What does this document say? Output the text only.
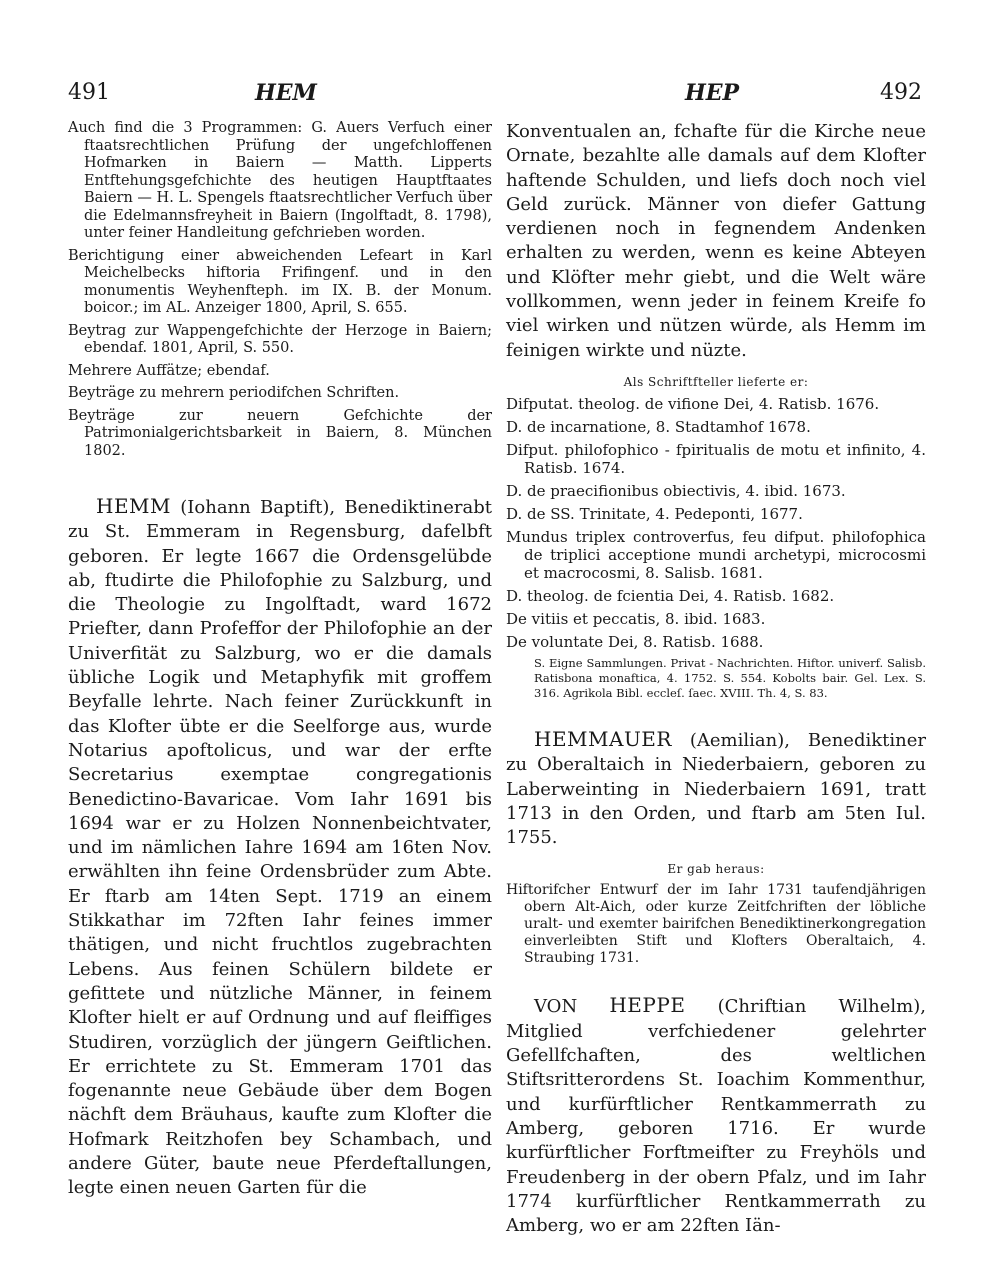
491	HEM	HEP	492

Auch find die 3 Programmen: G. Auers Verfuch einer ftaatsrechtlichen Prüfung der ungefchloffenen Hofmarken in Baiern — Matth. Lipperts Entftehungsgefchichte des heutigen Hauptftaates Baiern — H. L. Spengels ftaatsrechtlicher Verfuch über die Edelmannsfreyheit in Baiern (Ingolftadt, 8. 1798), unter feiner Handleitung gefchrieben worden.

Berichtigung einer abweichenden Lefeart in Karl Meichelbecks hiftoria Frifingenf. und in den monumentis Weyhenfteph. im IX. B. der Monum. boicor.; im AL. Anzeiger 1800, April, S. 655.

Beytrag zur Wappengefchichte der Herzoge in Baiern; ebendaf. 1801, April, S. 550.

Mehrere Auffätze; ebendaf.

Beyträge zu mehrern periodifchen Schriften.

Beyträge zur neuern Gefchichte der Patrimonialgerichtsbarkeit in Baiern, 8. München 1802.

HEMM (Iohann Baptift), Benediktinerabt zu St. Emmeram in Regensburg, dafelbft geboren. Er legte 1667 die Ordensgelübde ab, ftudirte die Philofophie zu Salzburg, und die Theologie zu Ingolftadt, ward 1672 Priefter, dann Profeffor der Philofophie an der Univerfität zu Salzburg, wo er die damals übliche Logik und Metaphyfik mit groffem Beyfalle lehrte. Nach feiner Zurückkunft in das Klofter übte er die Seelforge aus, wurde Notarius apoftolicus, und war der erfte Secretarius exemptae congregationis Benedictino-Bavaricae. Vom Iahr 1691 bis 1694 war er zu Holzen Nonnenbeichtvater, und im nämlichen Iahre 1694 am 16ten Nov. erwählten ihn feine Ordensbrüder zum Abte. Er ftarb am 14ten Sept. 1719 an einem Stikkathar im 72ften Iahr feines immer thätigen, und nicht fruchtlos zugebrachten Lebens. Aus feinen Schülern bildete er gefittete und nützliche Männer, in feinem Klofter hielt er auf Ordnung und auf fleiffiges Studiren, vorzüglich der jüngern Geiftlichen. Er errichtete zu St. Emmeram 1701 das fogenannte neue Gebäude über dem Bogen nächft dem Bräuhaus, kaufte zum Klofter die Hofmark Reitzhofen bey Schambach, und andere Güter, baute neue Pferdeftallungen, legte einen neuen Garten für die

Konventualen an, fchafte für die Kirche neue Ornate, bezahlte alle damals auf dem Klofter haftende Schulden, und liefs doch noch viel Geld zurück. Männer von diefer Gattung verdienen noch in fegnendem Andenken erhalten zu werden, wenn es keine Abteyen und Klöfter mehr giebt, und die Welt wäre vollkommen, wenn jeder in feinem Kreife fo viel wirken und nützen würde, als Hemm im feinigen wirkte und nüzte.

Als Schriftfteller lieferte er:

Difputat. theolog. de vifione Dei, 4. Ratisb. 1676.

D. de incarnatione, 8. Stadtamhof 1678.

Difput. philofophico - fpiritualis de motu et infinito, 4. Ratisb. 1674.

D. de praecifionibus obiectivis, 4. ibid. 1673.

D. de SS. Trinitate, 4. Pedeponti, 1677.

Mundus triplex controverfus, feu difput. philofophica de triplici acceptione mundi archetypi, microcosmi et macrocosmi, 8. Salisb. 1681.

D. theolog. de fcientia Dei, 4. Ratisb. 1682.

De vitiis et peccatis, 8. ibid. 1683.

De voluntate Dei, 8. Ratisb. 1688.

S. Eigne Sammlungen. Privat - Nachrichten. Hiftor. univerf. Salisb. Ratisbona monaftica, 4. 1752. S. 554. Kobolts bair. Gel. Lex. S. 316. Agrikola Bibl. eccleſ. ſaec. XVIII. Th. 4, S. 83.

HEMMAUER (Aemilian), Benediktiner zu Oberaltaich in Niederbaiern, geboren zu Laberweinting in Niederbaiern 1691, tratt 1713 in den Orden, und ftarb am 5ten Iul. 1755.

Er gab heraus:

Hiftorifcher Entwurf der im Iahr 1731 taufendjährigen obern Alt-Aich, oder kurze Zeitfchriften der löbliche uralt- und exemter bairifchen Benediktinerkongregation einverleibten Stift und Klofters Oberaltaich, 4. Straubing 1731.

VON HEPPE (Chriftian Wilhelm), Mitglied verfchiedener gelehrter Gefellfchaften, des weltlichen Stiftsritterordens St. Ioachim Kommenthur, und kurfürftlicher Rentkammerrath zu Amberg, geboren 1716. Er wurde kurfürftlicher Forftmeifter zu Freyhöls und Freudenberg in der obern Pfalz, und im Iahr 1774 kurfürftlicher Rentkammerrath zu Amberg, wo er am 22ften Iän-
